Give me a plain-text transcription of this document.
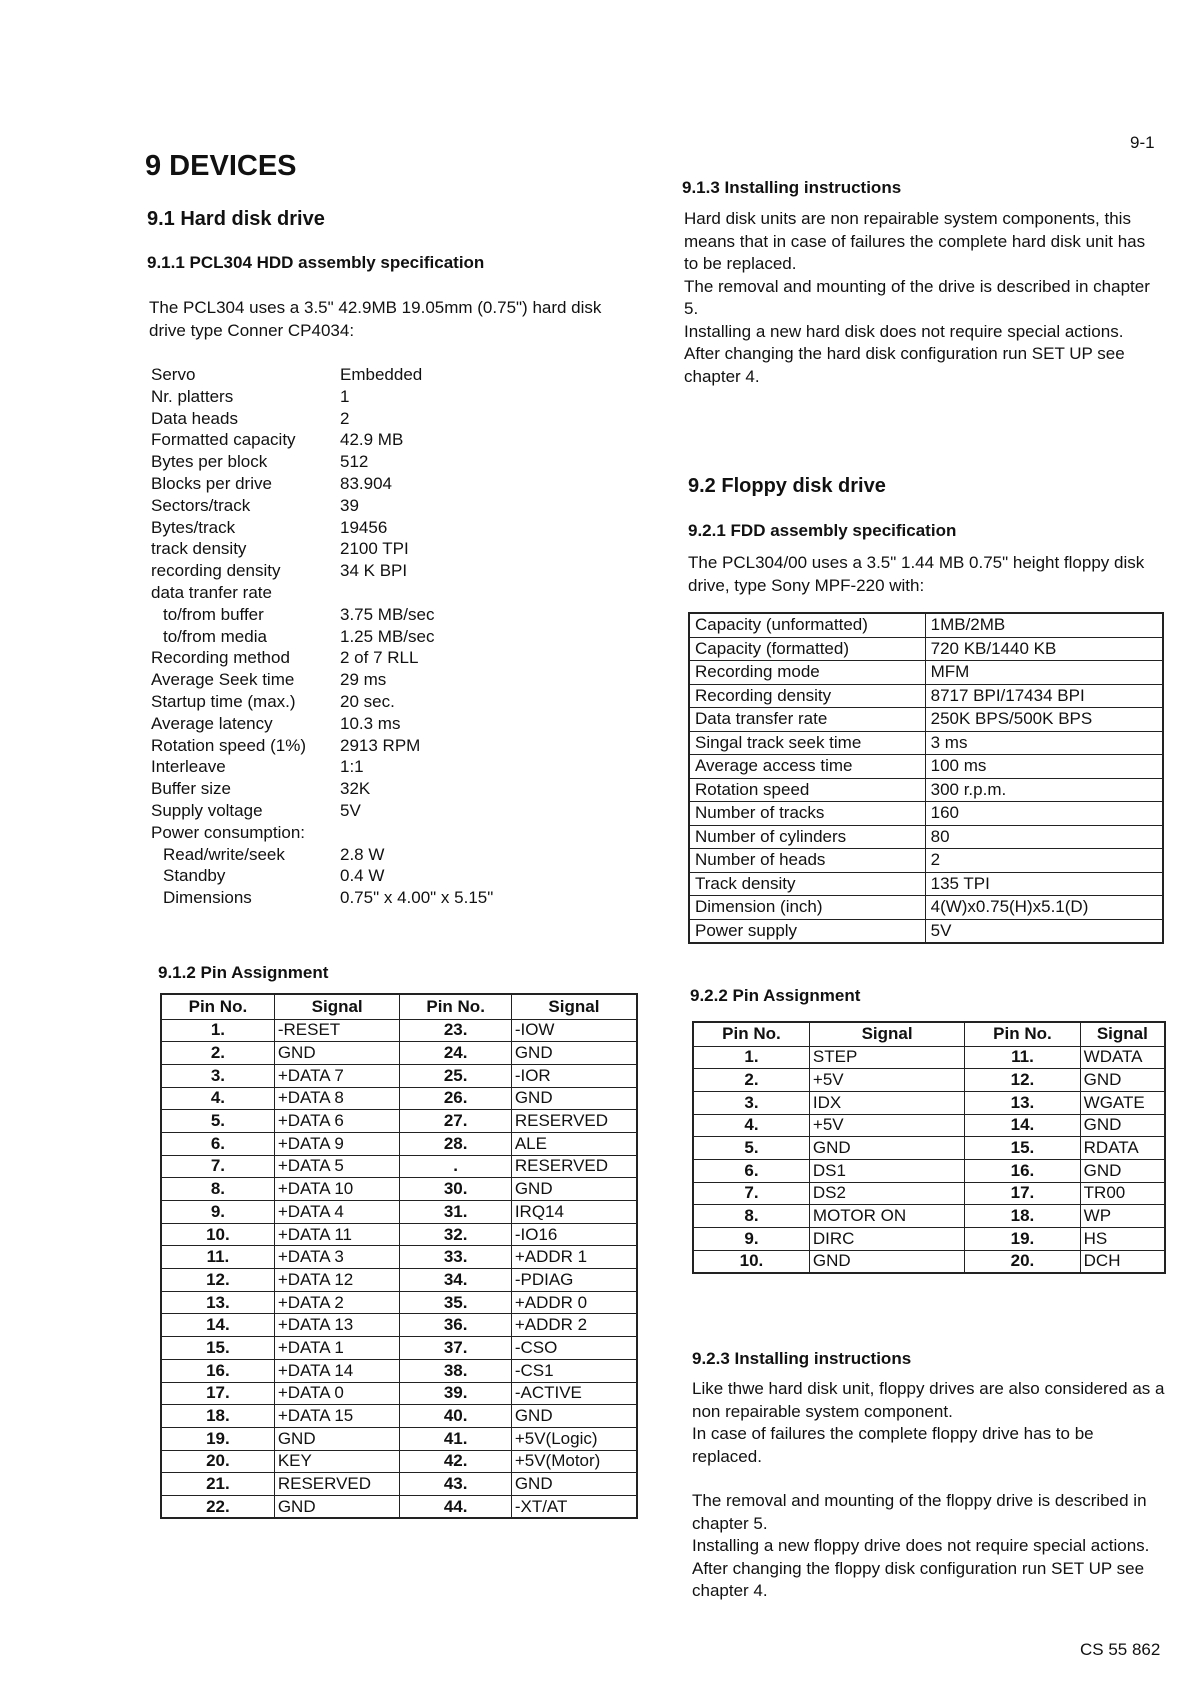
9-1
CS 55 862
9 DEVICES
9.1 Hard disk drive
9.1.1 PCL304 HDD assembly specification
The PCL304 uses a 3.5" 42.9MB 19.05mm (0.75") hard disk drive type Conner CP4034:
Servo	Embedded
Nr. platters	1
Data heads	2
Formatted capacity	42.9 MB
Bytes per block	512
Blocks per drive	83.904
Sectors/track	39
Bytes/track	19456
track density	2100 TPI
recording density	34 K BPI
data tranfer rate	
to/from buffer	3.75 MB/sec
to/from media	1.25 MB/sec
Recording method	2 of 7 RLL
Average Seek time	29 ms
Startup time (max.)	20 sec.
Average latency	10.3 ms
Rotation speed (1%)	2913 RPM
Interleave	1:1
Buffer size	32K
Supply voltage	5V
Power consumption:	
Read/write/seek	2.8 W
Standby	0.4 W
Dimensions	0.75" x 4.00" x 5.15"
9.1.2 Pin Assignment
Pin No.	Signal	Pin No.	Signal
1.	-RESET	23.	-IOW
2.	GND	24.	GND
3.	+DATA 7	25.	-IOR
4.	+DATA 8	26.	GND
5.	+DATA 6	27.	RESERVED
6.	+DATA 9	28.	ALE
7.	+DATA 5	.	RESERVED
8.	+DATA 10	30.	GND
9.	+DATA 4	31.	IRQ14
10.	+DATA 11	32.	-IO16
11.	+DATA 3	33.	+ADDR 1
12.	+DATA 12	34.	-PDIAG
13.	+DATA 2	35.	+ADDR 0
14.	+DATA 13	36.	+ADDR 2
15.	+DATA 1	37.	-CSO
16.	+DATA 14	38.	-CS1
17.	+DATA 0	39.	-ACTIVE
18.	+DATA 15	40.	GND
19.	GND	41.	+5V(Logic)
20.	KEY	42.	+5V(Motor)
21.	RESERVED	43.	GND
22.	GND	44.	-XT/AT
9.1.3 Installing instructions

Hard disk units are non repairable system components, this means that in case of failures the complete hard disk unit has to be replaced.

The removal and mounting of the drive is described in chapter 5.

Installing a new hard disk does not require special actions. After changing the hard disk configuration run SET UP see chapter 4.

9.2 Floppy disk drive
9.2.1 FDD assembly specification
The PCL304/00 uses a 3.5" 1.44 MB 0.75" height floppy disk drive, type Sony MPF-220 with:
Capacity (unformatted)	1MB/2MB
Capacity (formatted)	720 KB/1440 KB
Recording mode	MFM
Recording density	8717 BPI/17434 BPI
Data transfer rate	250K BPS/500K BPS
Singal track seek time	3 ms
Average access time	100 ms
Rotation speed	300 r.p.m.
Number of tracks	160
Number of cylinders	80
Number of heads	2
Track density	135 TPI
Dimension (inch)	4(W)x0.75(H)x5.1(D)
Power supply	5V
9.2.2 Pin Assignment
Pin No.	Signal	Pin No.	Signal
1.	STEP	11.	WDATA
2.	+5V	12.	GND
3.	IDX	13.	WGATE
4.	+5V	14.	GND
5.	GND	15.	RDATA
6.	DS1	16.	GND
7.	DS2	17.	TR00
8.	MOTOR ON	18.	WP
9.	DIRC	19.	HS
10.	GND	20.	DCH
9.2.3 Installing instructions

Like thwe hard disk unit, floppy drives are also considered as a non repairable system component.

In case of failures the complete floppy drive has to be replaced.

The removal and mounting of the floppy drive is described in chapter 5.

Installing a new floppy drive does not require special actions. After changing the floppy disk configuration run SET UP see chapter 4.
